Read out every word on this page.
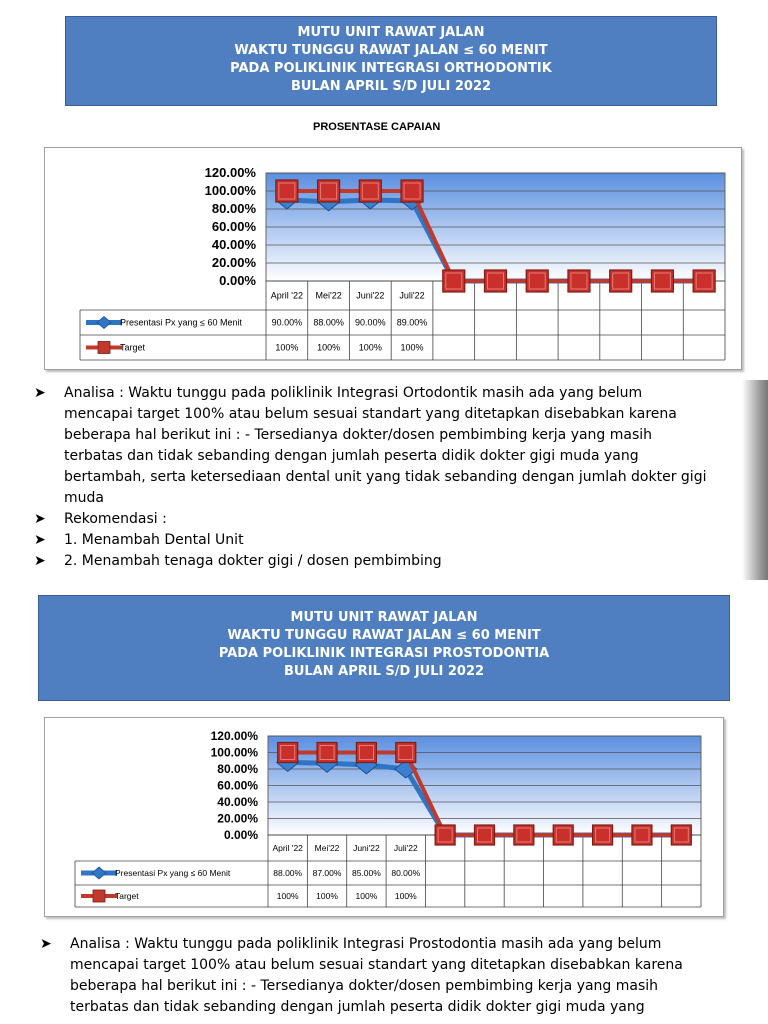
MUTU UNIT RAWAT JALAN
WAKTU TUNGGU RAWAT JALAN ≤ 60 MENIT
PADA POLIKLINIK INTEGRASI ORTHODONTIK
BULAN APRIL S/D JULI 2022
PROSENTASE CAPAIAN
120.00%
100.00%
80.00%
60.00%
40.00%
20.00%
0.00%
April '22 Mei'22 Juni'22 Juli'22
Presentasi Px yang ≤ 60 Menit	90.00% 88.00% 90.00% 89.00%
Target	100% 100% 100% 100%
➤	Analisa : Waktu tunggu pada poliklinik Integrasi Ortodontik masih ada yang belum
mencapai target 100% atau belum sesuai standart yang ditetapkan disebabkan karena
beberapa hal berikut ini : - Tersedianya dokter/dosen pembimbing kerja yang masih
terbatas dan tidak sebanding dengan jumlah peserta didik dokter gigi muda yang
bertambah, serta ketersediaan dental unit yang tidak sebanding dengan jumlah dokter gigi
muda
➤	Rekomendasi :
➤	1. Menambah Dental Unit
➤	2. Menambah tenaga dokter gigi / dosen pembimbing
MUTU UNIT RAWAT JALAN
WAKTU TUNGGU RAWAT JALAN ≤ 60 MENIT
PADA POLIKLINIK INTEGRASI PROSTODONTIA
BULAN APRIL S/D JULI 2022
120.00%
100.00%
80.00%
60.00%
40.00%
20.00%
0.00%
April '22 Mei'22 Juni'22 Juli'22
Presentasi Px yang ≤ 60 Menit	88.00% 87.00% 85.00% 80.00%
Target	100% 100% 100% 100%
➤	Analisa : Waktu tunggu pada poliklinik Integrasi Prostodontia masih ada yang belum
mencapai target 100% atau belum sesuai standart yang ditetapkan disebabkan karena
beberapa hal berikut ini : - Tersedianya dokter/dosen pembimbing kerja yang masih
terbatas dan tidak sebanding dengan jumlah peserta didik dokter gigi muda yang
